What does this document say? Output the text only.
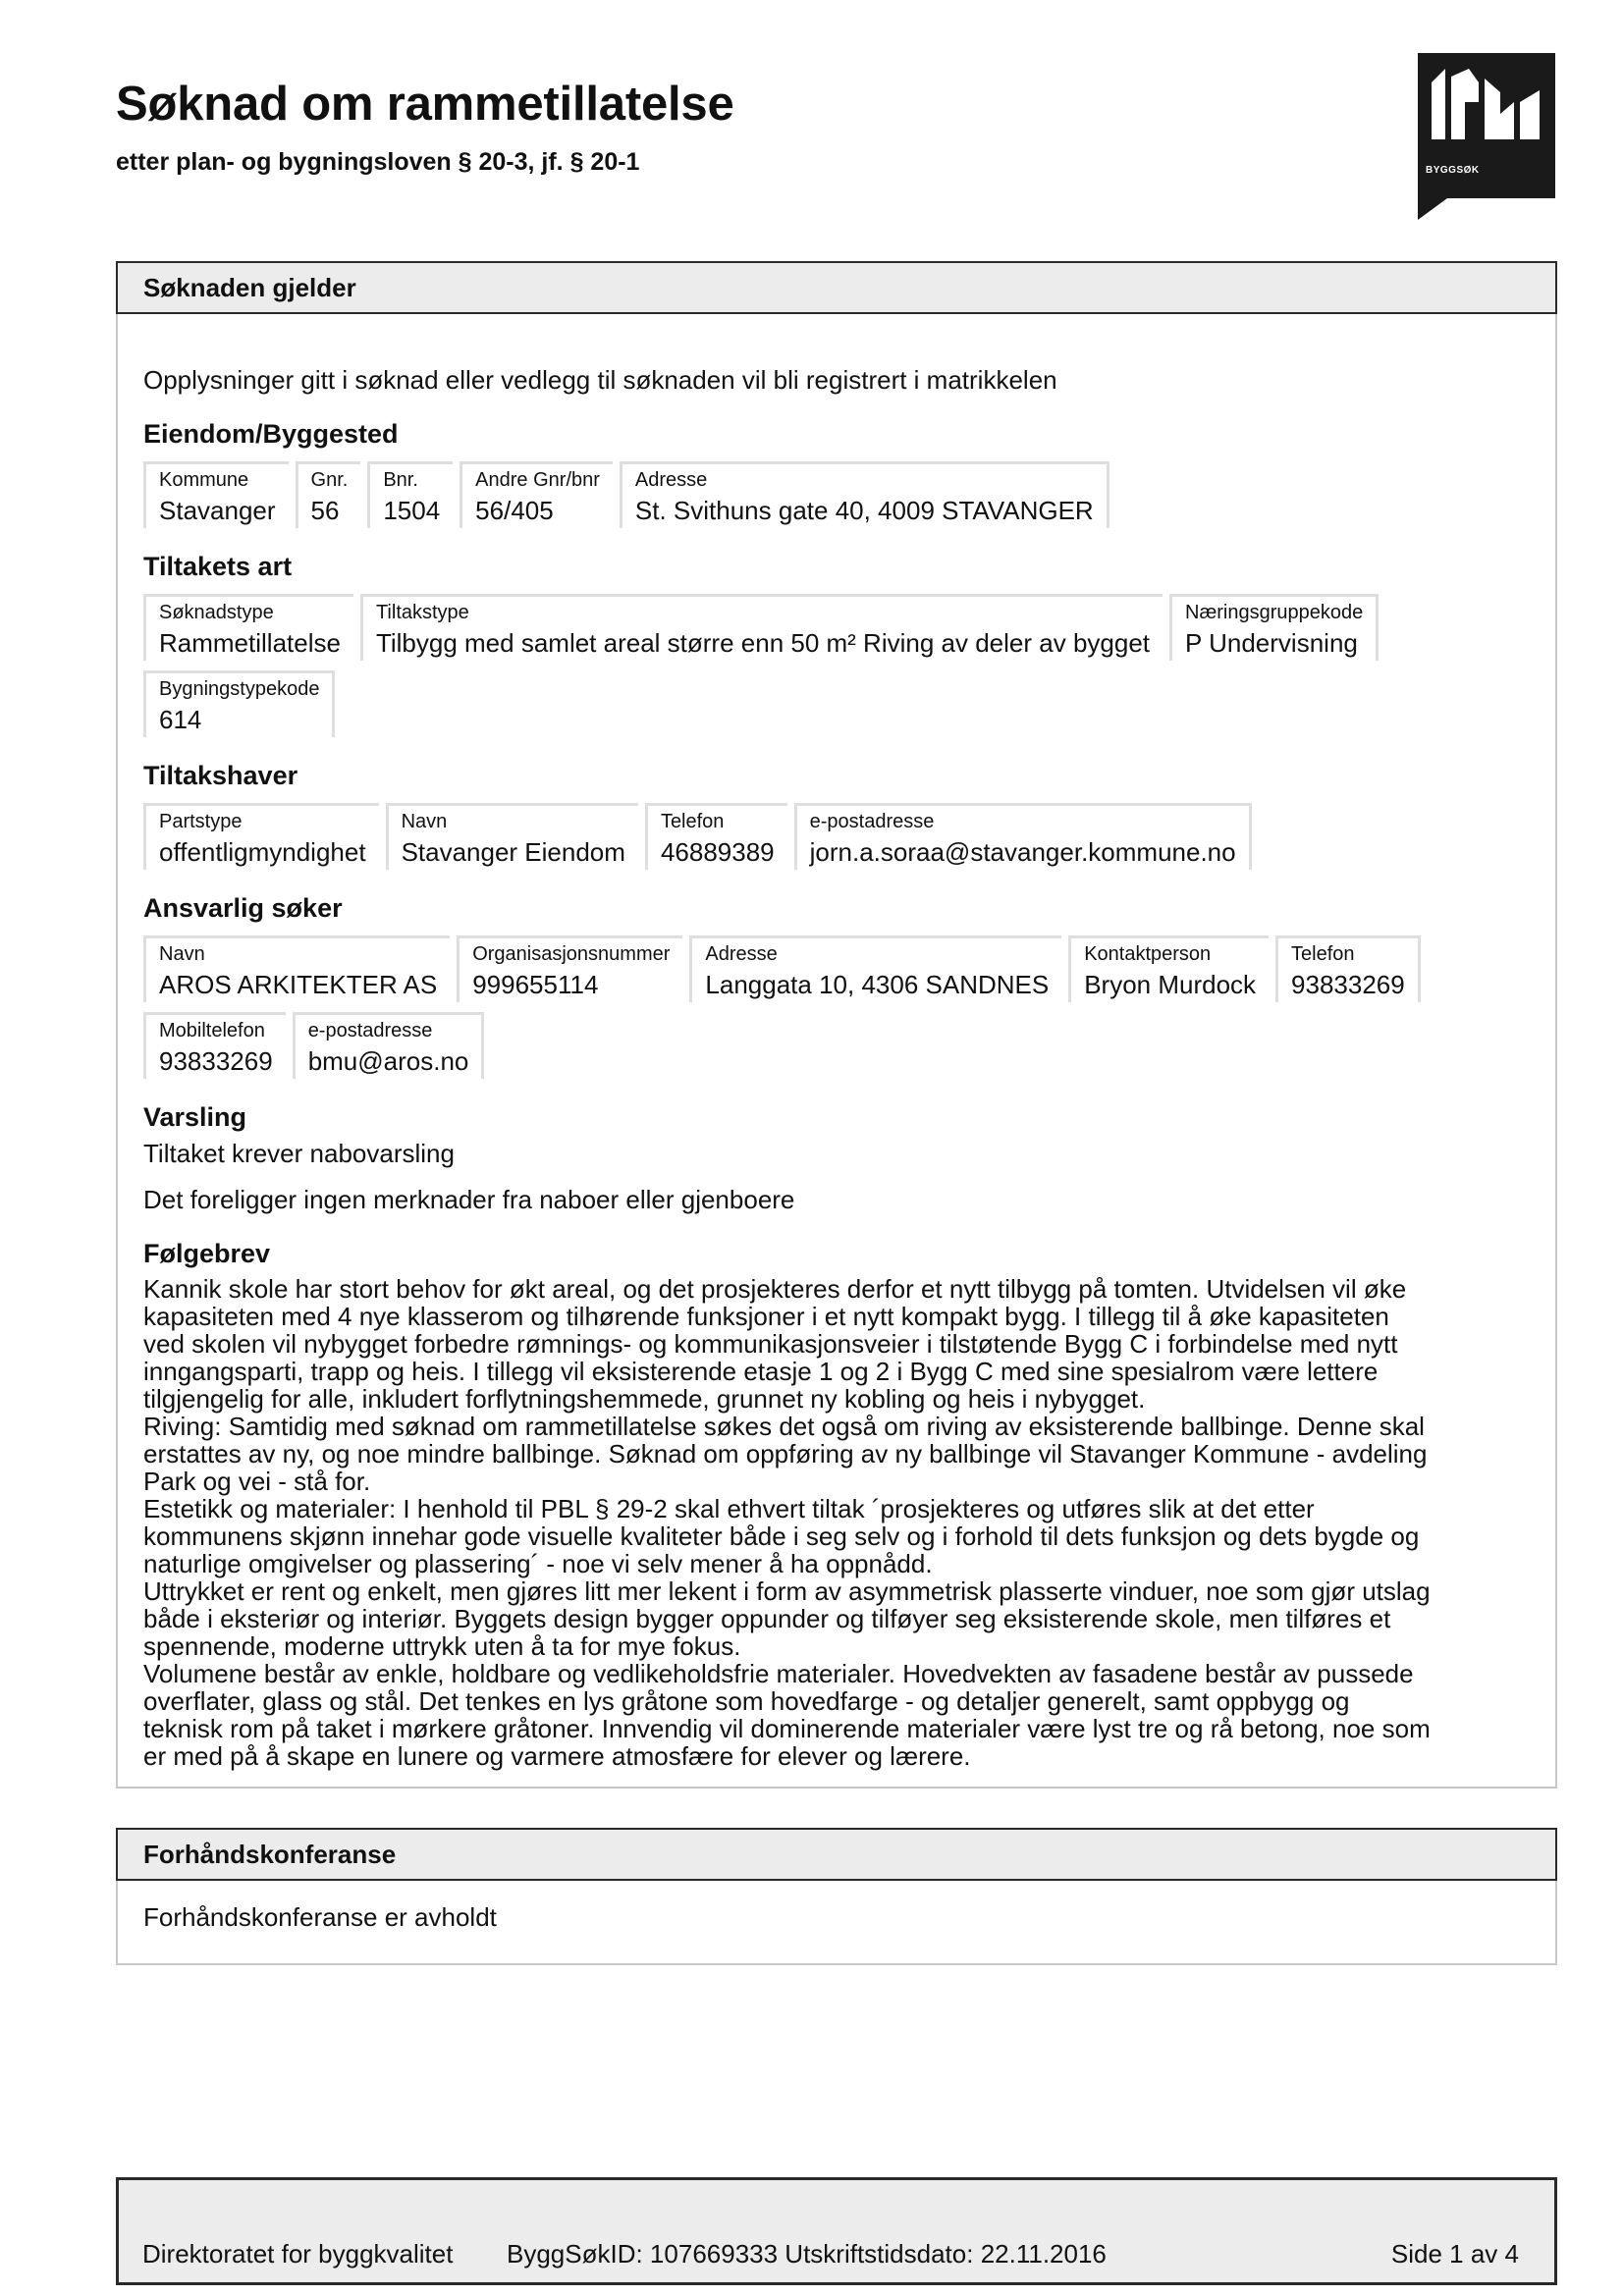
Søknad om rammetillatelse
etter plan- og bygningsloven § 20-3, jf. § 20-1	BYGGSØK
Søknaden gjelder
Opplysninger gitt i søknad eller vedlegg til søknaden vil bli registrert i matrikkelen
Eiendom/Byggested
Kommune
Stavanger
Gnr.
56
Bnr.
1504
Andre Gnr/bnr
56/405
Adresse
St. Svithuns gate 40, 4009 STAVANGER
Tiltakets art
Søknadstype
Rammetillatelse
Tiltakstype
Tilbygg med samlet areal større enn 50 m² Riving av deler av bygget
Næringsgruppekode
P Undervisning
Bygningstypekode
614
Tiltakshaver
Partstype
offentligmyndighet
Navn
Stavanger Eiendom
Telefon
46889389
e-postadresse
jorn.a.soraa@stavanger.kommune.no
Ansvarlig søker
Navn
AROS ARKITEKTER AS
Organisasjonsnummer
999655114
Adresse
Langgata 10, 4306 SANDNES
Kontaktperson
Bryon Murdock
Telefon
93833269
Mobiltelefon
93833269
e-postadresse
bmu@aros.no
Varsling
Tiltaket krever nabovarsling
Det foreligger ingen merknader fra naboer eller gjenboere
Følgebrev
Kannik skole har stort behov for økt areal, og det prosjekteres derfor et nytt tilbygg på tomten. Utvidelsen vil øke
kapasiteten med 4 nye klasserom og tilhørende funksjoner i et nytt kompakt bygg. I tillegg til å øke kapasiteten
ved skolen vil nybygget forbedre rømnings- og kommunikasjonsveier i tilstøtende Bygg C i forbindelse med nytt
inngangsparti, trapp og heis. I tillegg vil eksisterende etasje 1 og 2 i Bygg C med sine spesialrom være lettere
tilgjengelig for alle, inkludert forflytningshemmede, grunnet ny kobling og heis i nybygget.
Riving: Samtidig med søknad om rammetillatelse søkes det også om riving av eksisterende ballbinge. Denne skal
erstattes av ny, og noe mindre ballbinge. Søknad om oppføring av ny ballbinge vil Stavanger Kommune - avdeling
Park og vei - stå for.
Estetikk og materialer: I henhold til PBL § 29-2 skal ethvert tiltak ´prosjekteres og utføres slik at det etter
kommunens skjønn innehar gode visuelle kvaliteter både i seg selv og i forhold til dets funksjon og dets bygde og
naturlige omgivelser og plassering´ - noe vi selv mener å ha oppnådd.
Uttrykket er rent og enkelt, men gjøres litt mer lekent i form av asymmetrisk plasserte vinduer, noe som gjør utslag
både i eksteriør og interiør. Byggets design bygger oppunder og tilføyer seg eksisterende skole, men tilføres et
spennende, moderne uttrykk uten å ta for mye fokus.
Volumene består av enkle, holdbare og vedlikeholdsfrie materialer. Hovedvekten av fasadene består av pussede
overflater, glass og stål. Det tenkes en lys gråtone som hovedfarge - og detaljer generelt, samt oppbygg og
teknisk rom på taket i mørkere gråtoner. Innvendig vil dominerende materialer være lyst tre og rå betong, noe som
er med på å skape en lunere og varmere atmosfære for elever og lærere.
Forhåndskonferanse
Forhåndskonferanse er avholdt
Direktoratet for byggkvalitet ByggSøkID: 107669333 Utskriftstidsdato: 22.11.2016	Side 1 av 4
